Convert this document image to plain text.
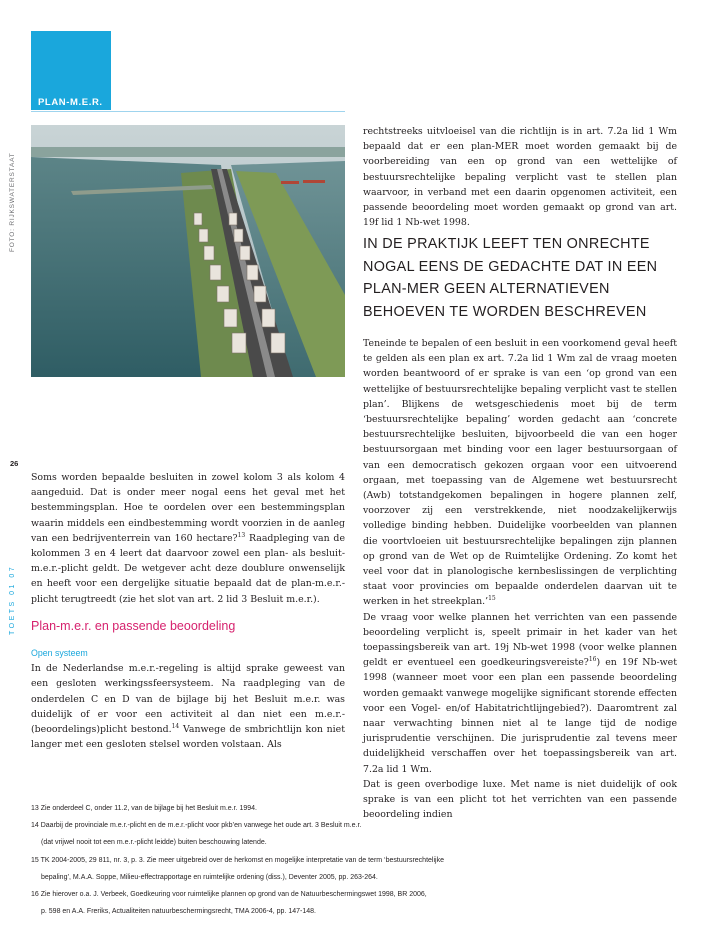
PLAN-M.E.R.
FOTO: RIJKSWATERSTAAT
26
TOETS 01 07

rechtstreeks uitvloeisel van die richtlijn is in art. 7.2a lid 1 Wm bepaald dat er een plan-MER moet worden gemaakt bij de voorbereiding van een op grond van een wettelijke of bestuursrechtelijke bepaling verplicht vast te stellen plan waarvoor, in verband met een daarin opgenomen activiteit, een passende beoordeling moet worden gemaakt op grond van art. 19f lid 1 Nb-wet 1998.

IN DE PRAKTIJK LEEFT TEN ONRECHTE NOGAL EENS DE GEDACHTE DAT IN EEN PLAN-MER GEEN ALTERNATIEVEN BEHOEVEN TE WORDEN BESCHREVEN

Soms worden bepaalde besluiten in zowel kolom 3 als kolom 4 aangeduid. Dat is onder meer nogal eens het geval met het bestemmingsplan. Hoe te oordelen over een bestemmingsplan waarin middels een eindbestemming wordt voorzien in de aanleg van een bedrijventerrein van 160 hectare?$^{13}$ Raadpleging van de kolommen 3 en 4 leert dat daarvoor zowel een plan- als besluit-m.e.r.-plicht geldt. De wetgever acht deze doublure onwenselijk en heeft voor een dergelijke situatie bepaald dat de plan-m.e.r.-plicht terugtreedt (zie het slot van art. 2 lid 3 Besluit m.e.r.).

Plan-m.e.r. en passende beoordeling
Open systeem

In de Nederlandse m.e.r.-regeling is altijd sprake geweest van een gesloten werkingssfeersysteem. Na raadpleging van de onderdelen C en D van de bijlage bij het Besluit m.e.r. was duidelijk of er voor een activiteit al dan niet een m.e.r.-(beoordelings)plicht bestond.$^{14}$ Vanwege de smbrichtlijn kon niet langer met een gesloten stelsel worden volstaan. Als

Teneinde te bepalen of een besluit in een voorkomend geval heeft te gelden als een plan ex art. 7.2a lid 1 Wm zal de vraag moeten worden beantwoord of er sprake is van een ‘op grond van een wettelijke of bestuursrechtelijke bepaling verplicht vast te stellen plan’. Blijkens de wetsgeschiedenis moet bij de term ‘bestuursrechtelijke bepaling’ worden gedacht aan ‘concrete bestuursrechtelijke besluiten, bijvoorbeeld die van een hoger bestuursorgaan met binding voor een lager bestuursorgaan of van een democratisch gekozen orgaan voor een uitvoerend orgaan, met toepassing van de Algemene wet bestuursrecht (Awb) totstandgekomen bepalingen in hogere plannen zelf, voorzover zij een verstrekkende, niet noodzakelijkerwijs volledige binding hebben. Duidelijke voorbeelden van plannen die voortvloeien uit bestuursrechtelijke bepalingen zijn plannen op grond van de Wet op de Ruimtelijke Ordening. Zo komt het veel voor dat in planologische kernbeslissingen de verplichting staat voor provincies om bepaalde onderdelen daarvan uit te werken in het streekplan.’$^{15}$

De vraag voor welke plannen het verrichten van een passende beoordeling verplicht is, speelt primair in het kader van het toepassingsbereik van art. 19j Nb-wet 1998 (voor welke plannen geldt er eventueel een goedkeuringsvereiste?$^{16}$) en 19f Nb-wet 1998 (wanneer moet voor een plan een passende beoordeling worden gemaakt vanwege mogelijke significant storende effecten voor een Vogel- en/of Habitatrichtlijngebied?). Daaromtrent zal naar verwachting binnen niet al te lange tijd de nodige jurisprudentie verschijnen. Die jurisprudentie zal tevens meer duidelijkheid verschaffen over het toepassingsbereik van art. 7.2a lid 1 Wm.

Dat is geen overbodige luxe. Met name is niet duidelijk of ook sprake is van een plicht tot het verrichten van een passende beoordeling indien

13 Zie onderdeel C, onder 11.2, van de bijlage bij het Besluit m.e.r. 1994.
14 Daarbij de provinciale m.e.r.-plicht en de m.e.r.-plicht voor pkb’en vanwege het oude art. 3 Besluit m.e.r.
(dat vrijwel nooit tot een m.e.r.-plicht leidde) buiten beschouwing latende.
15 TK 2004-2005, 29 811, nr. 3, p. 3. Zie meer uitgebreid over de herkomst en mogelijke interpretatie van de term ‘bestuursrechtelijke
bepaling’, M.A.A. Soppe, Milieu-effectrapportage en ruimtelijke ordening (diss.), Deventer 2005, pp. 263-264.
16 Zie hierover o.a. J. Verbeek, Goedkeuring voor ruimtelijke plannen op grond van de Natuurbeschermingswet 1998, BR 2006,
p. 598 en A.A. Freriks, Actualiteiten natuurbeschermingsrecht, TMA 2006-4, pp. 147-148.
